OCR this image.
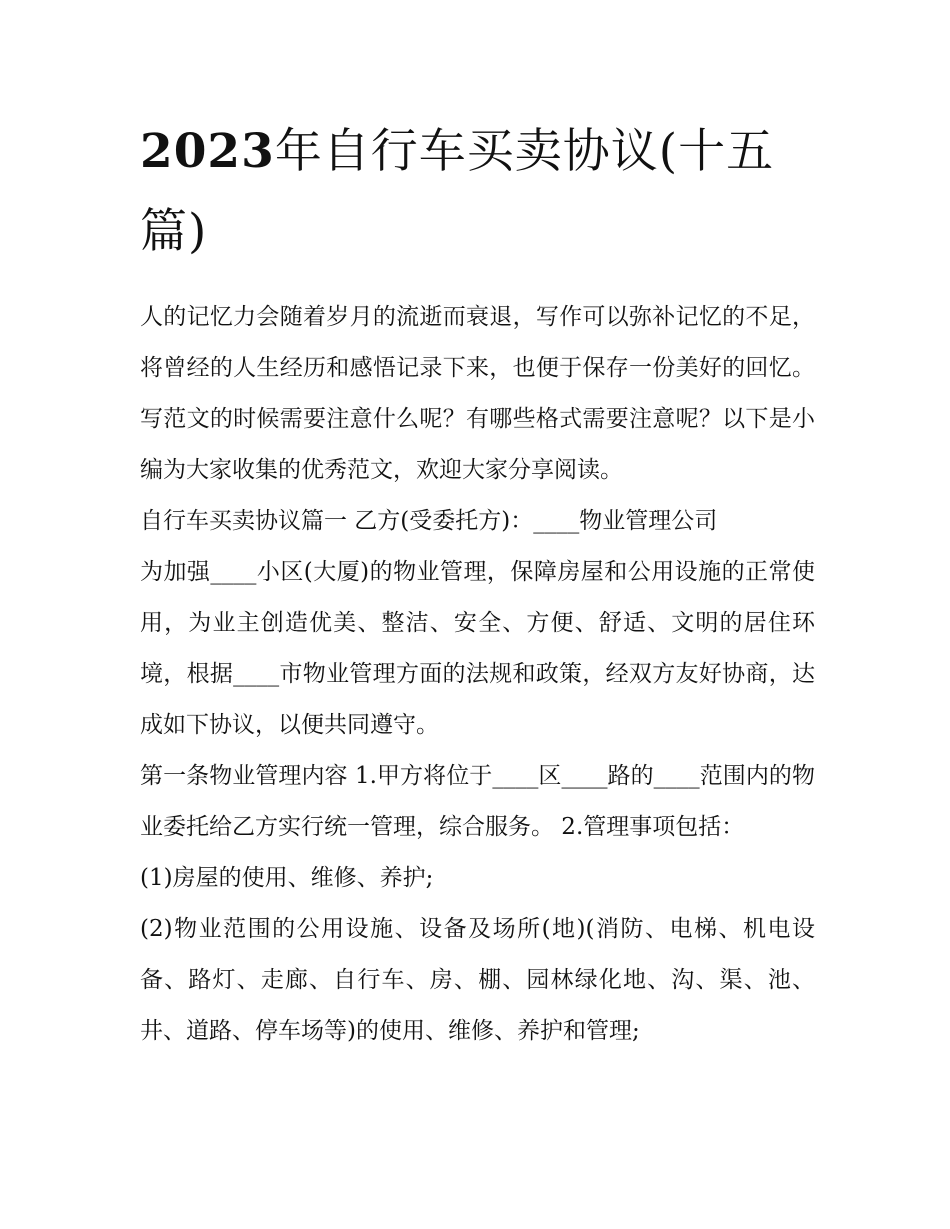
2023年自行车买卖协议(十五篇)

人的记忆力会随着岁月的流逝而衰退，写作可以弥补记忆的不足，将曾经的人生经历和感悟记录下来，也便于保存一份美好的回忆。写范文的时候需要注意什么呢？有哪些格式需要注意呢？以下是小编为大家收集的优秀范文，欢迎大家分享阅读。

自行车买卖协议篇一 乙方(受委托方)：____物业管理公司

为加强____小区(大厦)的物业管理，保障房屋和公用设施的正常使用，为业主创造优美、整洁、安全、方便、舒适、文明的居住环境，根据____市物业管理方面的法规和政策，经双方友好协商，达成如下协议，以便共同遵守。

第一条物业管理内容 1.甲方将位于____区____路的____范围内的物业委托给乙方实行统一管理，综合服务。 2.管理事项包括：

(1)房屋的使用、维修、养护;

(2)物业范围的公用设施、设备及场所(地)(消防、电梯、机电设备、路灯、走廊、自行车、房、棚、园林绿化地、沟、渠、池、井、道路、停车场等)的使用、维修、养护和管理;
